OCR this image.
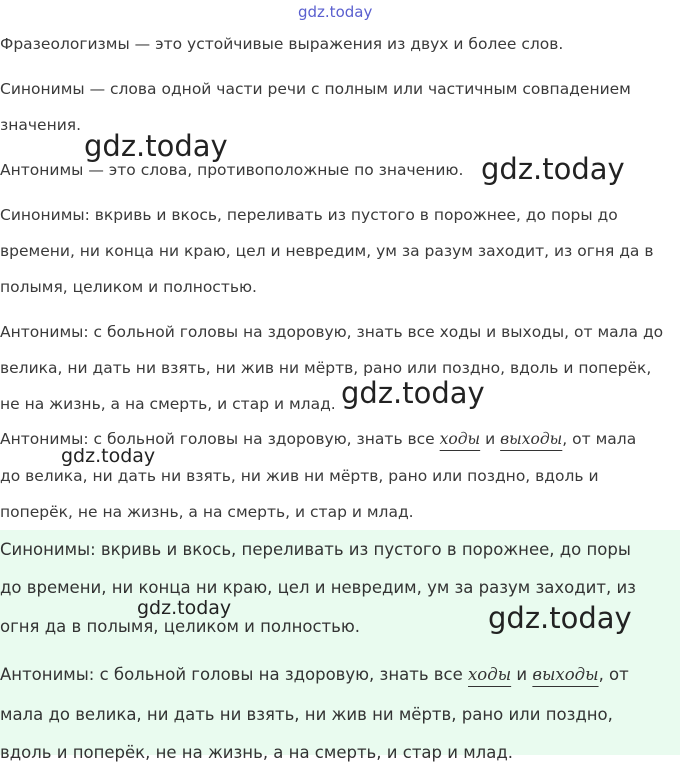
Фразеологизмы — это устойчивые выражения из двух и более слов.

Синонимы — слова одной части речи с полным или частичным совпадением

значения.

Антонимы — это слова, противоположные по значению.

Синонимы: вкривь и вкось, переливать из пустого в порожнее, до поры до

времени, ни конца ни краю, цел и невредим, ум за разум заходит, из огня да в

полымя, целиком и полностью.

Антонимы: с больной головы на здоровую, знать все ходы и выходы, от мала до

велика, ни дать ни взять, ни жив ни мёртв, рано или поздно, вдоль и поперёк,

не на жизнь, а на смерть, и стар и млад.

Антонимы: с больной головы на здоровую, знать все ходы и выходы, от мала

до велика, ни дать ни взять, ни жив ни мёртв, рано или поздно, вдоль и

поперёк, не на жизнь, а на смерть, и стар и млад.

Синонимы: вкривь и вкось, переливать из пустого в порожнее, до поры

до времени, ни конца ни краю, цел и невредим, ум за разум заходит, из

огня да в полымя, целиком и полностью.

Антонимы: с больной головы на здоровую, знать все ходы и выходы, от

мала до велика, ни дать ни взять, ни жив ни мёртв, рано или поздно,

вдоль и поперёк, не на жизнь, а на смерть, и стар и млад.

gdz.today
gdz.today
gdz.today
gdz.today
gdz.today
gdz.today	gdz.today
